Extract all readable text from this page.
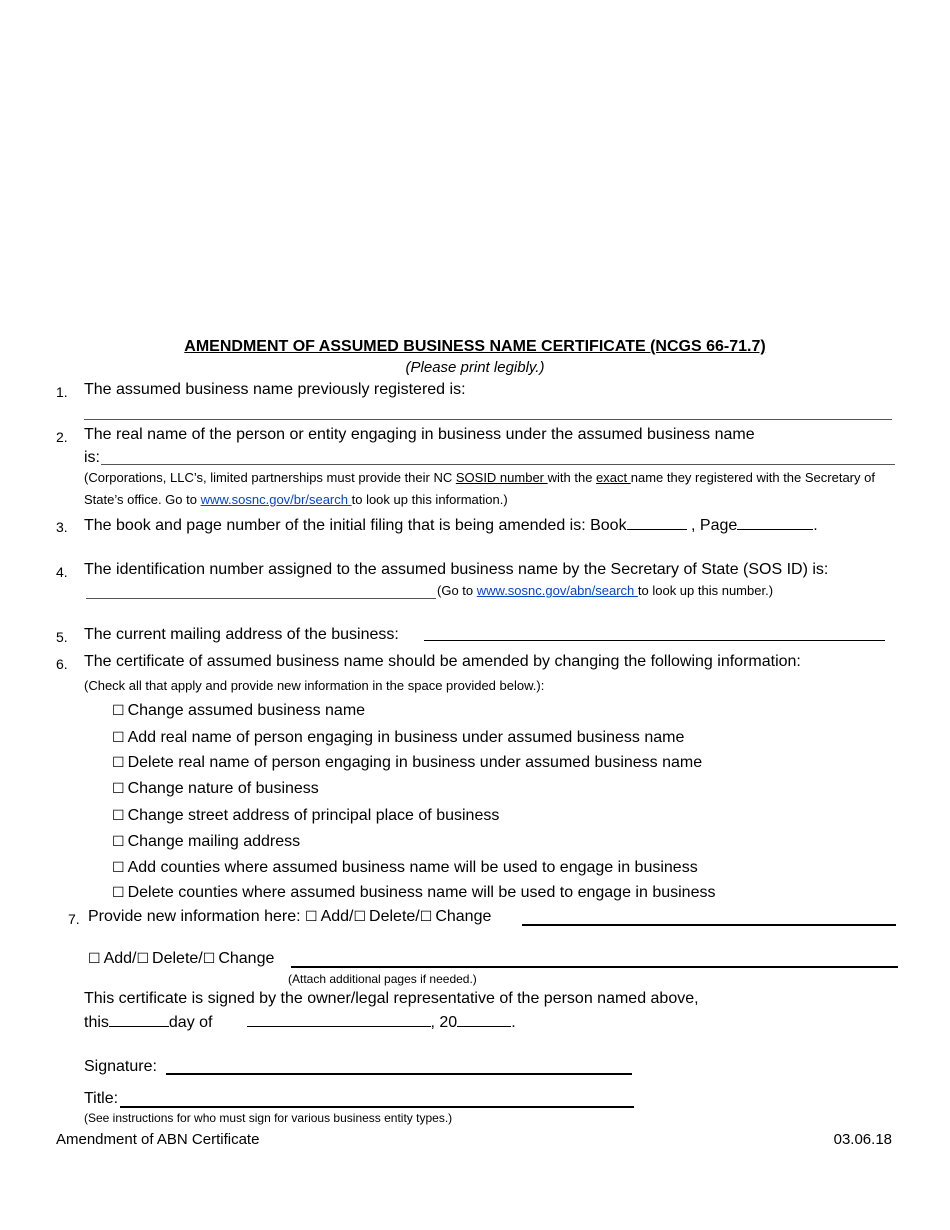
AMENDMENT OF ASSUMED BUSINESS NAME CERTIFICATE (NCGS 66-71.7)
(Please print legibly.)
1.	The assumed business name previously registered is:
2.	The real name of the person or entity engaging in business under the assumed business name
is:
(Corporations, LLC’s, limited partnerships must provide their NC SOSID number with the exact name they registered with the Secretary of
State’s office. Go to www.sosnc.gov/br/search to look up this information.)
3.	The book and page number of the initial filing that is being amended is: Book	, Page	.
4.	The identification number assigned to the assumed business name by the Secretary of State (SOS ID) is:
(Go to www.sosnc.gov/abn/search to look up this number.)
5.	The current mailing address of the business:
6.	The certificate of assumed business name should be amended by changing the following information:
(Check all that apply and provide new information in the space provided below.):
☐ Change assumed business name
☐ Add real name of person engaging in business under assumed business name
☐ Delete real name of person engaging in business under assumed business name
☐ Change nature of business
☐ Change street address of principal place of business
☐ Change mailing address
☐ Add counties where assumed business name will be used to engage in business
☐ Delete counties where assumed business name will be used to engage in business
7. Provide new information here: ☐ Add/☐ Delete/☐ Change
☐ Add/☐ Delete/☐ Change
(Attach additional pages if needed.)
This certificate is signed by the owner/legal representative of the person named above,
this	day of	, 20	.
Signature:
Title:
(See instructions for who must sign for various business entity types.)
Amendment of ABN Certificate	03.06.18
